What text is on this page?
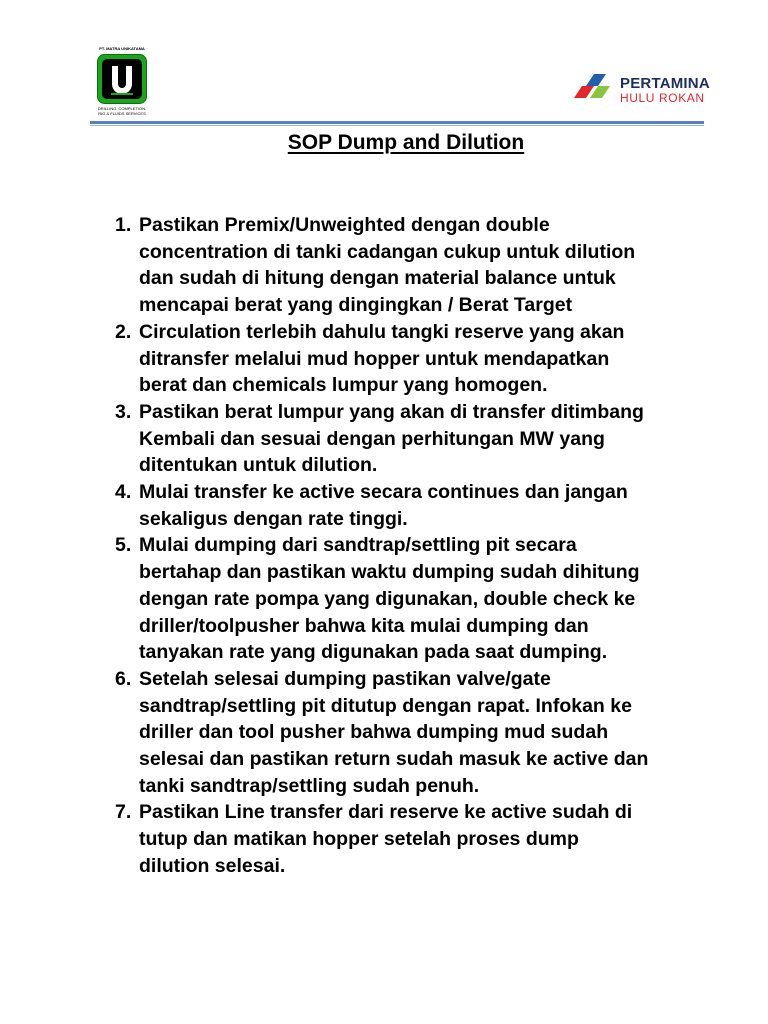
PT. MATRA UNIKATAMA
DRILLING, COMPLETION,
RIG & FLUIDS SERVICES
PERTAMINA
HULU ROKAN
SOP Dump and Dilution
1. Pastikan Premix/Unweighted dengan double
concentration di tanki cadangan cukup untuk dilution
dan sudah di hitung dengan material balance untuk
mencapai berat yang dingingkan / Berat Target
2. Circulation terlebih dahulu tangki reserve yang akan
ditransfer melalui mud hopper untuk mendapatkan
berat dan chemicals lumpur yang homogen.
3. Pastikan berat lumpur yang akan di transfer ditimbang
Kembali dan sesuai dengan perhitungan MW yang
ditentukan untuk dilution.
4. Mulai transfer ke active secara continues dan jangan
sekaligus dengan rate tinggi.
5. Mulai dumping dari sandtrap/settling pit secara
bertahap dan pastikan waktu dumping sudah dihitung
dengan rate pompa yang digunakan, double check ke
driller/toolpusher bahwa kita mulai dumping dan
tanyakan rate yang digunakan pada saat dumping.
6. Setelah selesai dumping pastikan valve/gate
sandtrap/settling pit ditutup dengan rapat. Infokan ke
driller dan tool pusher bahwa dumping mud sudah
selesai dan pastikan return sudah masuk ke active dan
tanki sandtrap/settling sudah penuh.
7. Pastikan Line transfer dari reserve ke active sudah di
tutup dan matikan hopper setelah proses dump
dilution selesai.
